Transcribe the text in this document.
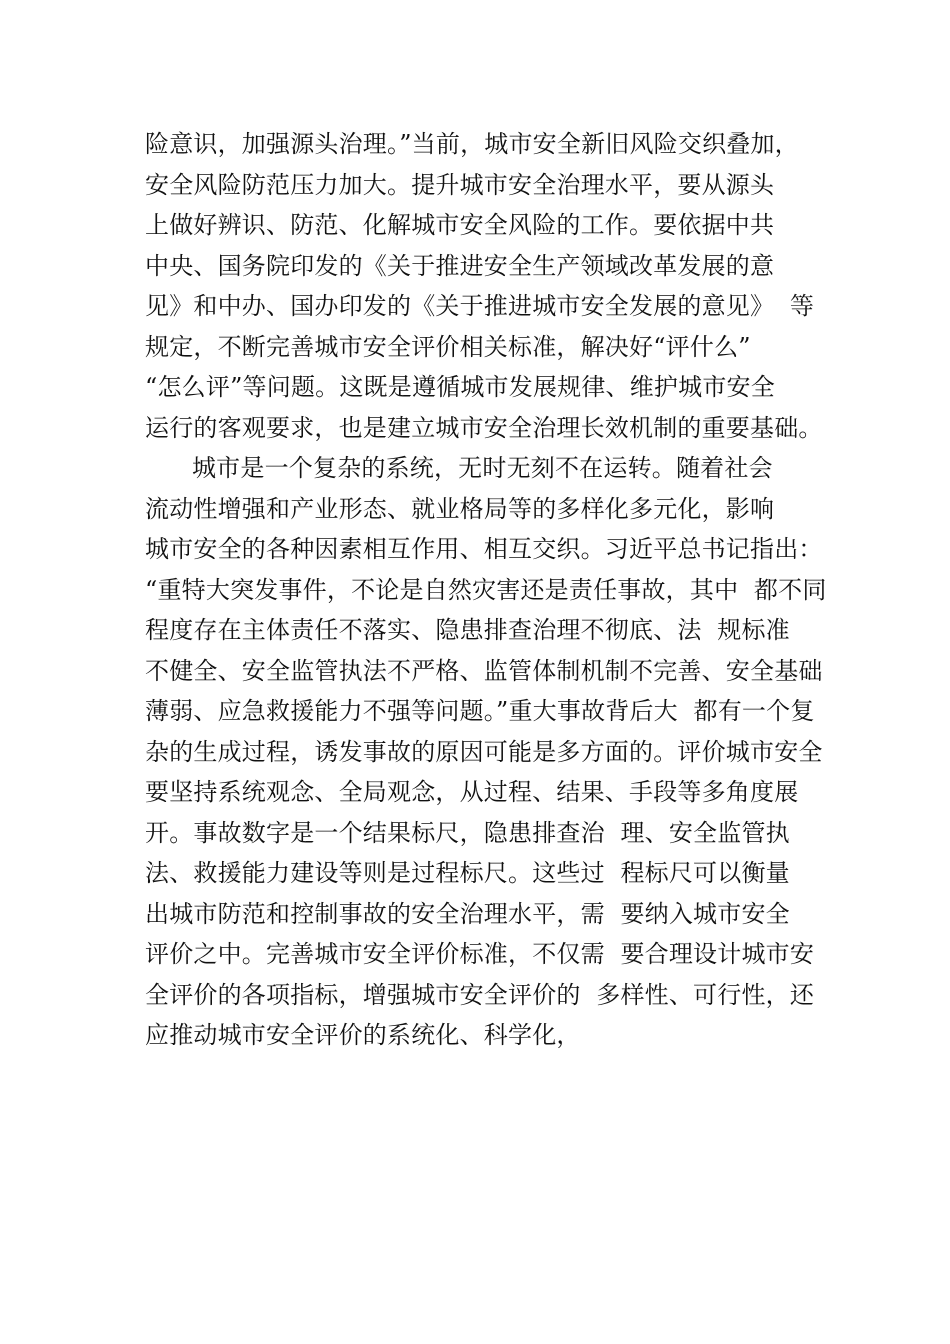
险意识，加强源头治理。”当前，城市安全新旧风险交织叠加，
安全风险防范压力加大。提升城市安全治理水平，要从源头
上做好辨识、防范、化解城市安全风险的工作。要依据中共
中央、国务院印发的《关于推进安全生产领域改革发展的意
见》和中办、国办印发的《关于推进城市安全发展的意见》  等
规定，不断完善城市安全评价相关标准，解决好“评什么”
“怎么评”等问题。这既是遵循城市发展规律、维护城市安全
运行的客观要求，也是建立城市安全治理长效机制的重要基础。
城市是一个复杂的系统，无时无刻不在运转。随着社会
流动性增强和产业形态、就业格局等的多样化多元化，影响
城市安全的各种因素相互作用、相互交织。习近平总书记指出：
“重特大突发事件，不论是自然灾害还是责任事故，其中  都不同
程度存在主体责任不落实、隐患排查治理不彻底、法  规标准
不健全、安全监管执法不严格、监管体制机制不完善、安全基础
薄弱、应急救援能力不强等问题。”重大事故背后大  都有一个复
杂的生成过程，诱发事故的原因可能是多方面的。评价城市安全
要坚持系统观念、全局观念，从过程、结果、手段等多角度展
开。事故数字是一个结果标尺，隐患排查治  理、安全监管执
法、救援能力建设等则是过程标尺。这些过  程标尺可以衡量
出城市防范和控制事故的安全治理水平，需  要纳入城市安全
评价之中。完善城市安全评价标准，不仅需  要合理设计城市安
全评价的各项指标，增强城市安全评价的  多样性、可行性，还
应推动城市安全评价的系统化、科学化，
